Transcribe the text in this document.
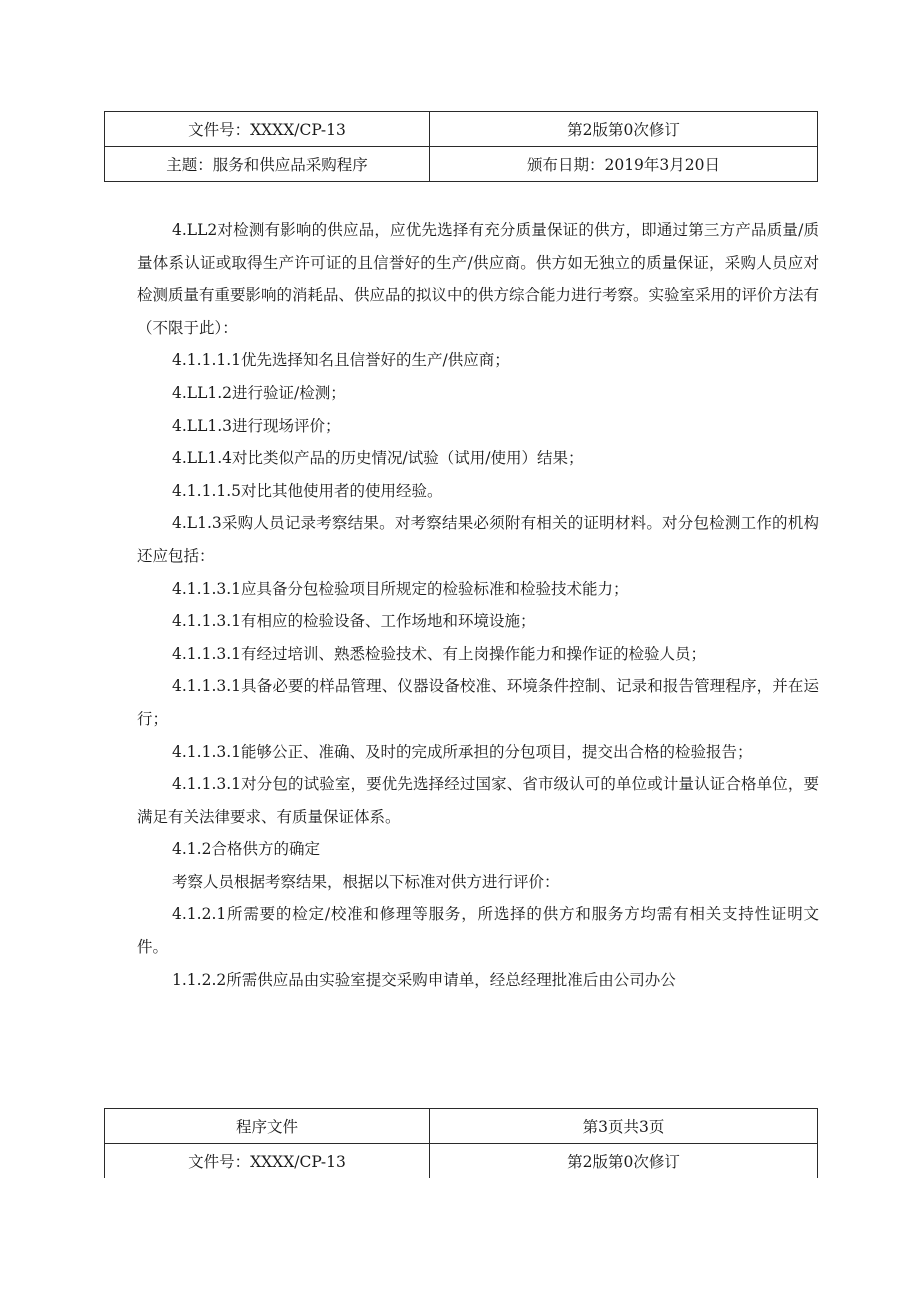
文件号：XXXX/CP-13	第2版第0次修订
主题：服务和供应品采购程序	颁布日期：2019年3月20日

4.LL2对检测有影响的供应品，应优先选择有充分质量保证的供方，即通过第三方产品质量/质量体系认证或取得生产许可证的且信誉好的生产/供应商。供方如无独立的质量保证，采购人员应对检测质量有重要影响的消耗品、供应品的拟议中的供方综合能力进行考察。实验室采用的评价方法有（不限于此）：

4.1.1.1.1优先选择知名且信誉好的生产/供应商；

4.LL1.2进行验证/检测；

4.LL1.3进行现场评价；

4.LL1.4对比类似产品的历史情况/试验（试用/使用）结果；

4.1.1.1.5对比其他使用者的使用经验。

4.L1.3采购人员记录考察结果。对考察结果必须附有相关的证明材料。对分包检测工作的机构还应包括：

4.1.1.3.1应具备分包检验项目所规定的检验标准和检验技术能力；

4.1.1.3.1有相应的检验设备、工作场地和环境设施；

4.1.1.3.1有经过培训、熟悉检验技术、有上岗操作能力和操作证的检验人员；

4.1.1.3.1具备必要的样品管理、仪器设备校准、环境条件控制、记录和报告管理程序，并在运行；

4.1.1.3.1能够公正、准确、及时的完成所承担的分包项目，提交出合格的检验报告；

4.1.1.3.1对分包的试验室，要优先选择经过国家、省市级认可的单位或计量认证合格单位，要满足有关法律要求、有质量保证体系。

4.1.2合格供方的确定

考察人员根据考察结果，根据以下标准对供方进行评价：

4.1.2.1所需要的检定/校准和修理等服务，所选择的供方和服务方均需有相关支持性证明文件。

1.1.2.2所需供应品由实验室提交采购申请单，经总经理批准后由公司办公

程序文件	第3页共3页
文件号：XXXX/CP-13	第2版第0次修订
